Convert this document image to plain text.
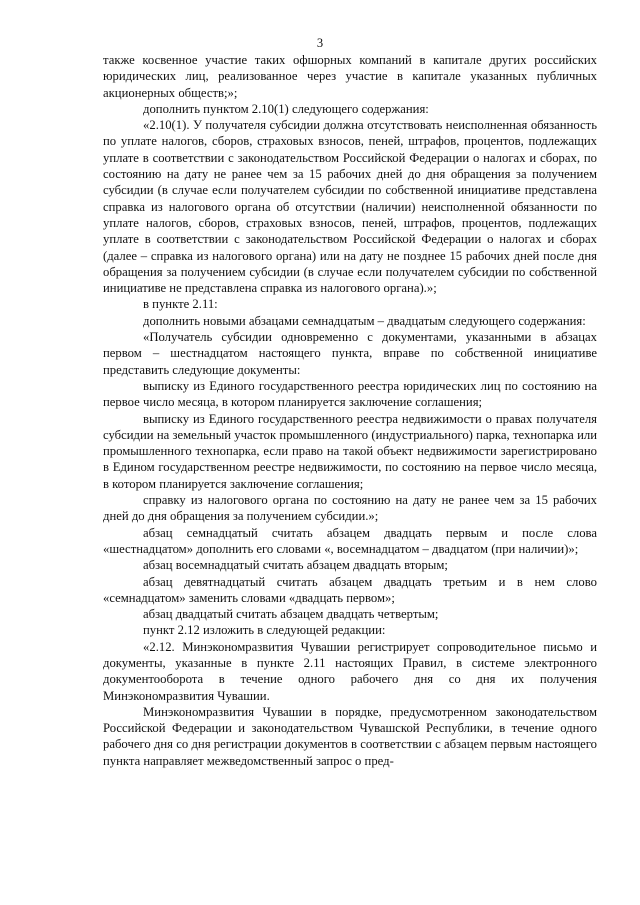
3

также косвенное участие таких офшорных компаний в капитале других российских юридических лиц, реализованное через участие в капитале указанных публичных акционерных обществ;»;

дополнить пунктом 2.10(1) следующего содержания:

«2.10(1). У получателя субсидии должна отсутствовать неисполненная обязанность по уплате налогов, сборов, страховых взносов, пеней, штрафов, процентов, подлежащих уплате в соответствии с законодательством Российской Федерации о налогах и сборах, по состоянию на дату не ранее чем за 15 рабочих дней до дня обращения за получением субсидии (в случае если получателем субсидии по собственной инициативе представлена справка из налогового органа об отсутствии (наличии) неисполненной обязанности по уплате налогов, сборов, страховых взносов, пеней, штрафов, процентов, подлежащих уплате в соответствии с законодательством Российской Федерации о налогах и сборах (далее – справка из налогового органа) или на дату не позднее 15 рабочих дней после дня обращения за получением субсидии (в случае если получателем субсидии по собственной инициативе не представлена справка из налогового органа).»;

в пункте 2.11:

дополнить новыми абзацами семнадцатым – двадцатым следующего содержания:

«Получатель субсидии одновременно с документами, указанными в абзацах первом – шестнадцатом настоящего пункта, вправе по собственной инициативе представить следующие документы:

выписку из Единого государственного реестра юридических лиц по состоянию на первое число месяца, в котором планируется заключение соглашения;

выписку из Единого государственного реестра недвижимости о правах получателя субсидии на земельный участок промышленного (индустриального) парка, технопарка или промышленного технопарка, если право на такой объект недвижимости зарегистрировано в Едином государственном реестре недвижимости, по состоянию на первое число месяца, в котором планируется заключение соглашения;

справку из налогового органа по состоянию на дату не ранее чем за 15 рабочих дней до дня обращения за получением субсидии.»;

абзац семнадцатый считать абзацем двадцать первым и после слова «шестнадцатом» дополнить его словами «, восемнадцатом – двадцатом (при наличии)»;

абзац восемнадцатый считать абзацем двадцать вторым;

абзац девятнадцатый считать абзацем двадцать третьим и в нем слово «семнадцатом» заменить словами «двадцать первом»;

абзац двадцатый считать абзацем двадцать четвертым;

пункт 2.12 изложить в следующей редакции:

«2.12. Минэкономразвития Чувашии регистрирует сопроводительное письмо и документы, указанные в пункте 2.11 настоящих Правил, в системе электронного документооборота в течение одного рабочего дня со дня их получения Минэкономразвития Чувашии.

Минэкономразвития Чувашии в порядке, предусмотренном законодательством Российской Федерации и законодательством Чувашской Республики, в течение одного рабочего дня со дня регистрации документов в соответствии с абзацем первым настоящего пункта направляет межведомственный запрос о пред-
